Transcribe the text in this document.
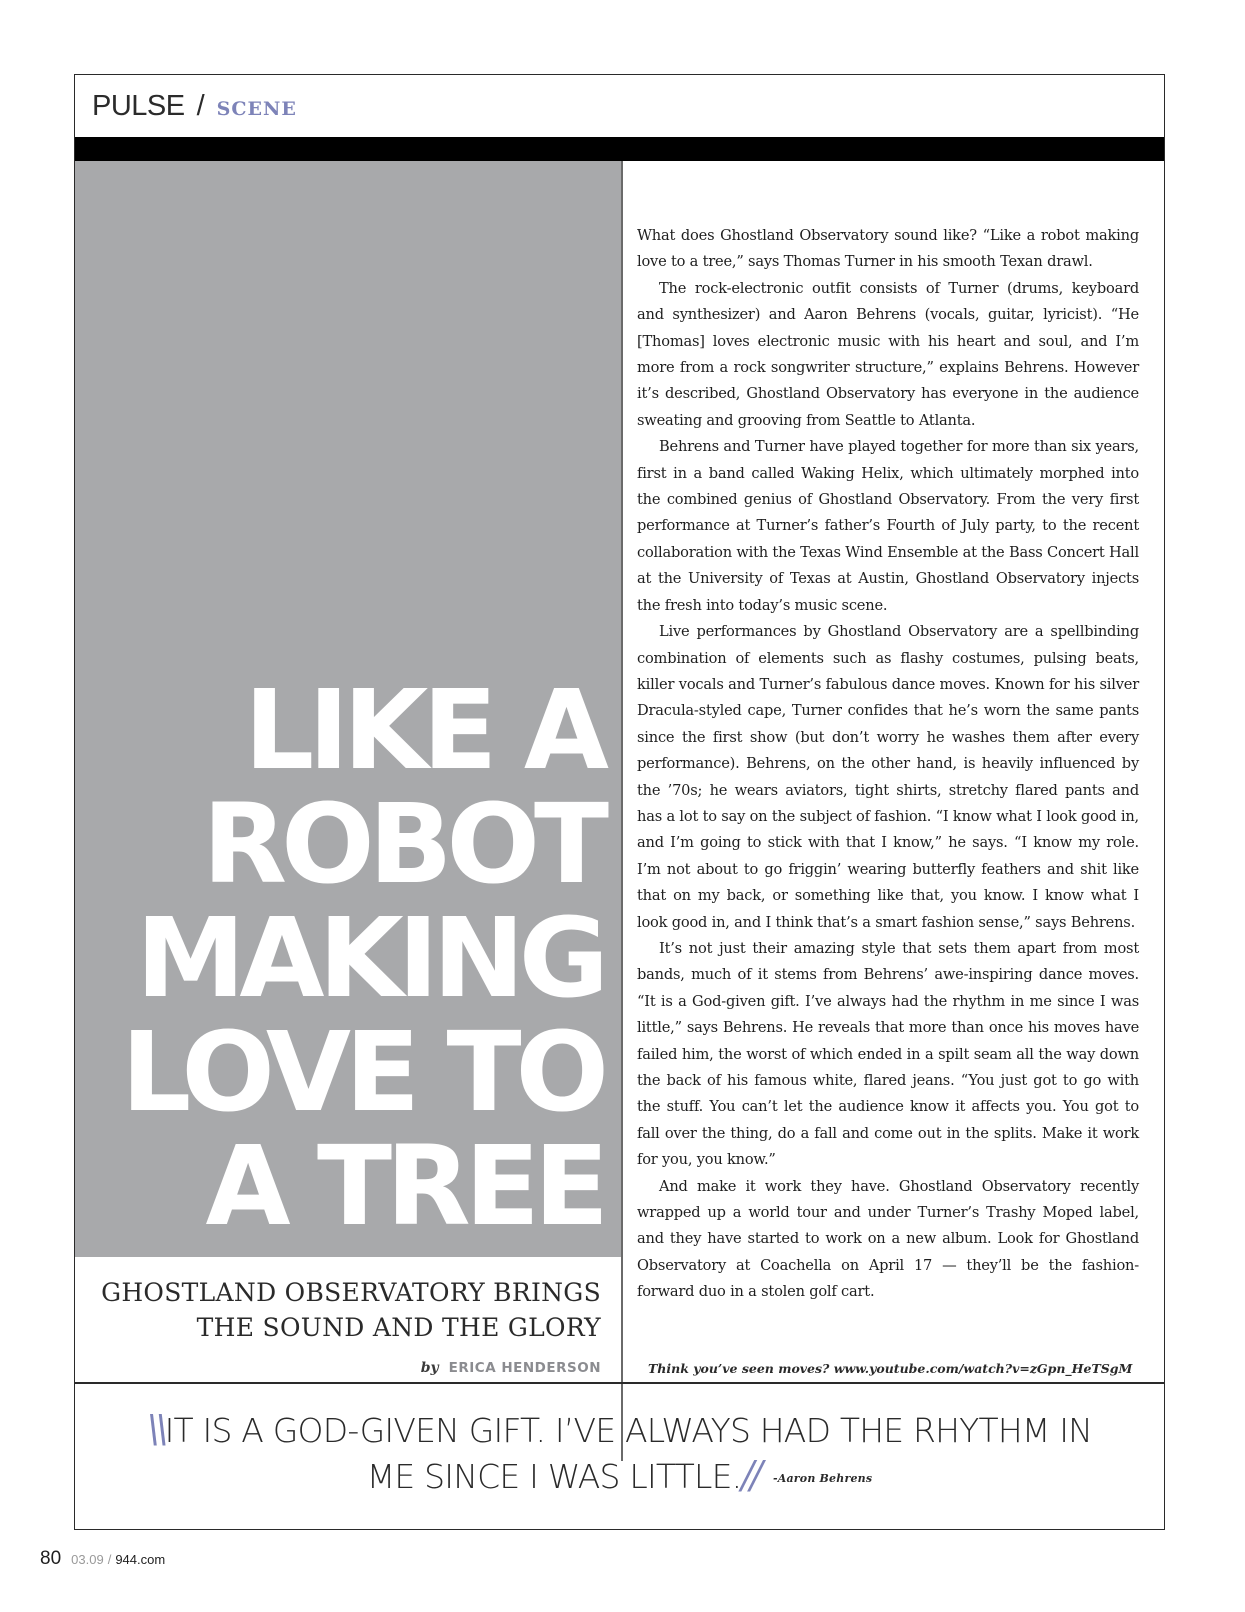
PULSE / SCENE
LIKE A
ROBOT
MAKING
LOVE TO
A TREE
GHOSTLAND OBSERVATORY BRINGS
THE SOUND AND THE GLORY
by ERICA HENDERSON

What does Ghostland Observatory sound like? “Like a robot making love to a tree,” says Thomas Turner in his smooth Texan drawl.

The rock-electronic outfit consists of Turner (drums, keyboard and synthesizer) and Aaron Behrens (vocals, guitar, lyricist). “He [Thomas] loves electronic music with his heart and soul, and I’m more from a rock songwriter structure,” explains Behrens. However it’s described, Ghostland Observatory has everyone in the audience sweating and grooving from Seattle to Atlanta.

Behrens and Turner have played together for more than six years, first in a band called Waking Helix, which ultimately morphed into the combined genius of Ghostland Observatory. From the very first performance at Turner’s father’s Fourth of July party, to the recent collaboration with the Texas Wind Ensemble at the Bass Concert Hall at the University of Texas at Austin, Ghostland Observatory injects the fresh into today’s music scene.

Live performances by Ghostland Observatory are a spellbinding combination of elements such as flashy costumes, pulsing beats, killer vocals and Turner’s fabulous dance moves. Known for his silver Dracula-styled cape, Turner confides that he’s worn the same pants since the first show (but don’t worry he washes them after every performance). Behrens, on the other hand, is heavily influenced by the ’70s; he wears aviators, tight shirts, stretchy flared pants and has a lot to say on the subject of fashion. “I know what I look good in, and I’m going to stick with that I know,” he says. “I know my role. I’m not about to go friggin’ wearing butterfly feathers and shit like that on my back, or something like that, you know. I know what I look good in, and I think that’s a smart fashion sense,” says Behrens.

It’s not just their amazing style that sets them apart from most bands, much of it stems from Behrens’ awe-inspiring dance moves. “It is a God-given gift. I’ve always had the rhythm in me since I was little,” says Behrens. He reveals that more than once his moves have failed him, the worst of which ended in a spilt seam all the way down the back of his famous white, flared jeans. “You just got to go with the stuff. You can’t let the audience know it affects you. You got to fall over the thing, do a fall and come out in the splits. Make it work for you, you know.”

And make it work they have. Ghostland Observatory recently wrapped up a world tour and under Turner’s Trashy Moped label, and they have started to work on a new album. Look for Ghostland Observatory at Coachella on April 17 — they’ll be the fashion-forward duo in a stolen golf cart.

Think you’ve seen moves? www.youtube.com/watch?v=zGpn_HeTSgM
\\IT IS A GOD-GIVEN GIFT. I’VE ALWAYS HAD THE RHYTHM IN
ME SINCE I WAS LITTLE.// -Aaron Behrens
80 03.09 / 944.com
